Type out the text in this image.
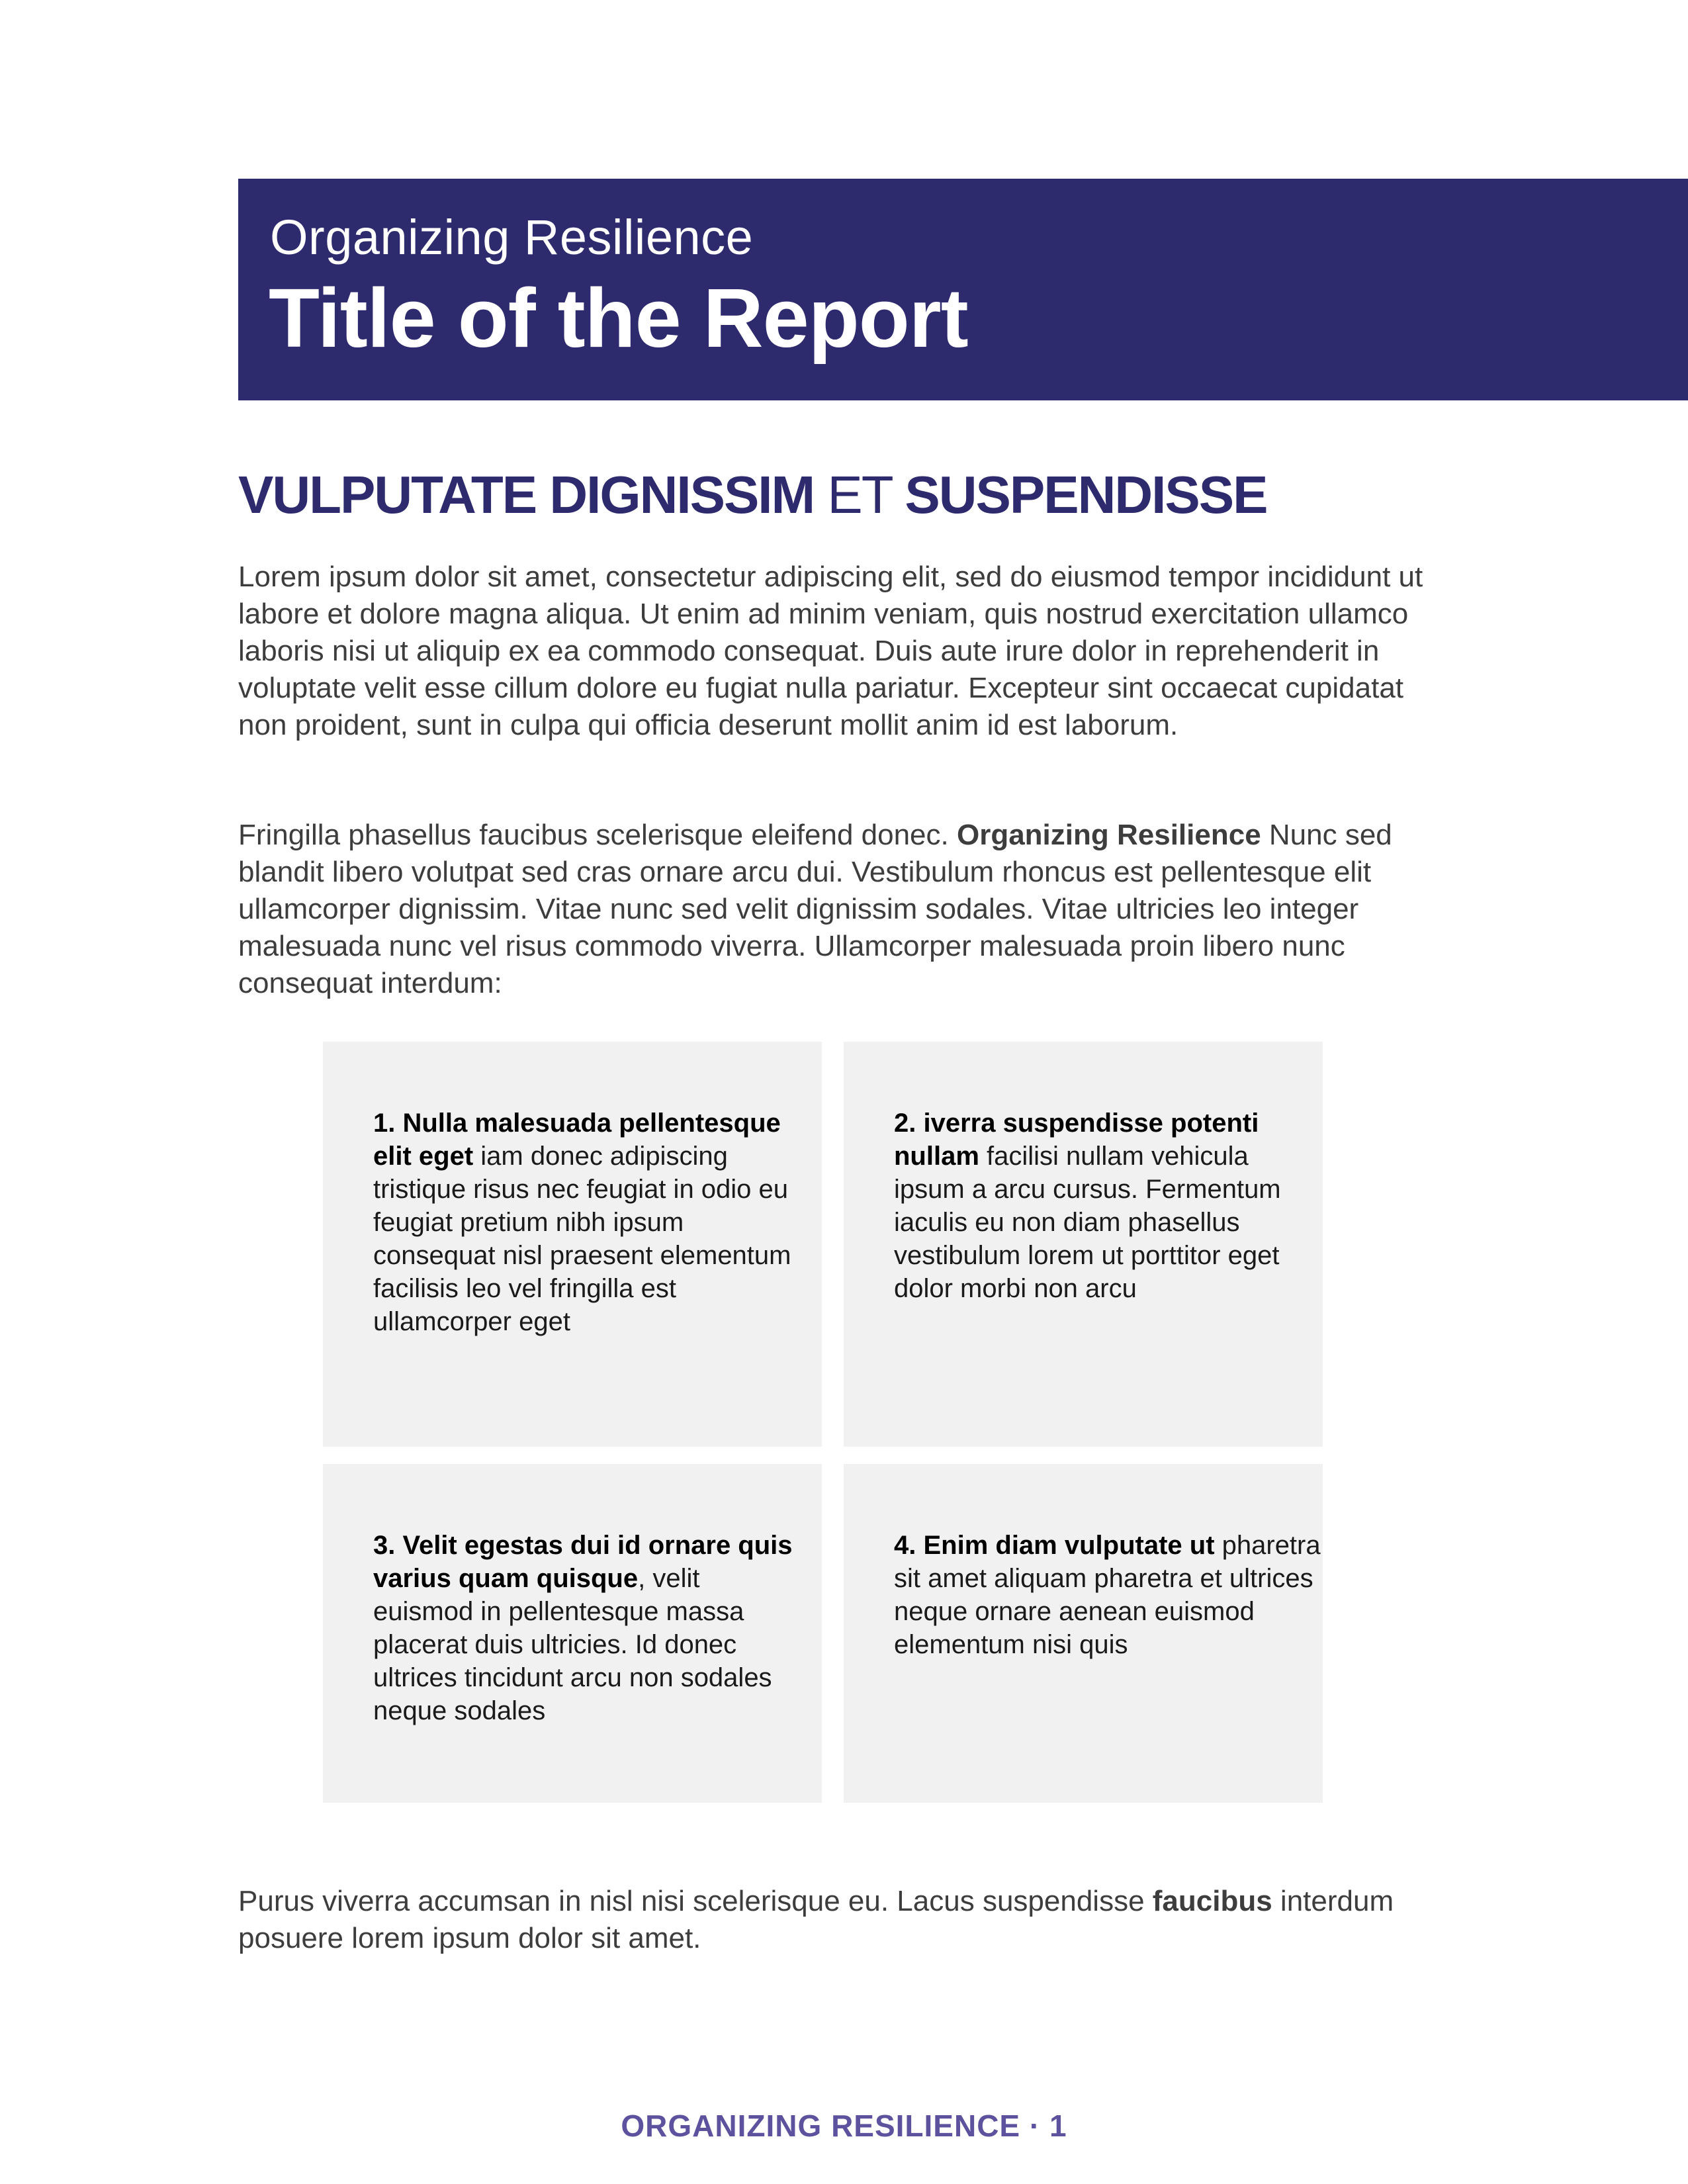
Organizing Resilience
Title of the Report
VULPUTATE DIGNISSIM ET SUSPENDISSE

Lorem ipsum dolor sit amet, consectetur adipiscing elit, sed do eiusmod tempor incididunt ut labore et dolore magna aliqua. Ut enim ad minim veniam, quis nostrud exercitation ullamco laboris nisi ut aliquip ex ea commodo consequat. Duis aute irure dolor in reprehenderit in voluptate velit esse cillum dolore eu fugiat nulla pariatur. Excepteur sint occaecat cupidatat non proident, sunt in culpa qui officia deserunt mollit anim id est laborum.

Fringilla phasellus faucibus scelerisque eleifend donec. Organizing Resilience Nunc sed blandit libero volutpat sed cras ornare arcu dui. Vestibulum rhoncus est pellentesque elit ullamcorper dignissim. Vitae nunc sed velit dignissim sodales. Vitae ultricies leo integer malesuada nunc vel risus commodo viverra. Ullamcorper malesuada proin libero nunc consequat interdum:

1. Nulla malesuada pellentesque elit eget iam donec adipiscing tristique risus nec feugiat in odio eu feugiat pretium nibh ipsum consequat nisl praesent elementum facilisis leo vel fringilla est ullamcorper eget

2. iverra suspendisse potenti nullam facilisi nullam vehicula ipsum a arcu cursus. Fermentum iaculis eu non diam phasellus vestibulum lorem ut porttitor eget dolor morbi non arcu

3. Velit egestas dui id ornare quis varius quam quisque, velit euismod in pellentesque massa placerat duis ultricies. Id donec ultrices tincidunt arcu non sodales neque sodales

4. Enim diam vulputate ut pharetra sit amet aliquam pharetra et ultrices neque ornare aenean euismod elementum nisi quis

Purus viverra accumsan in nisl nisi scelerisque eu. Lacus suspendisse faucibus interdum posuere lorem ipsum dolor sit amet.

ORGANIZING RESILIENCE · 1
